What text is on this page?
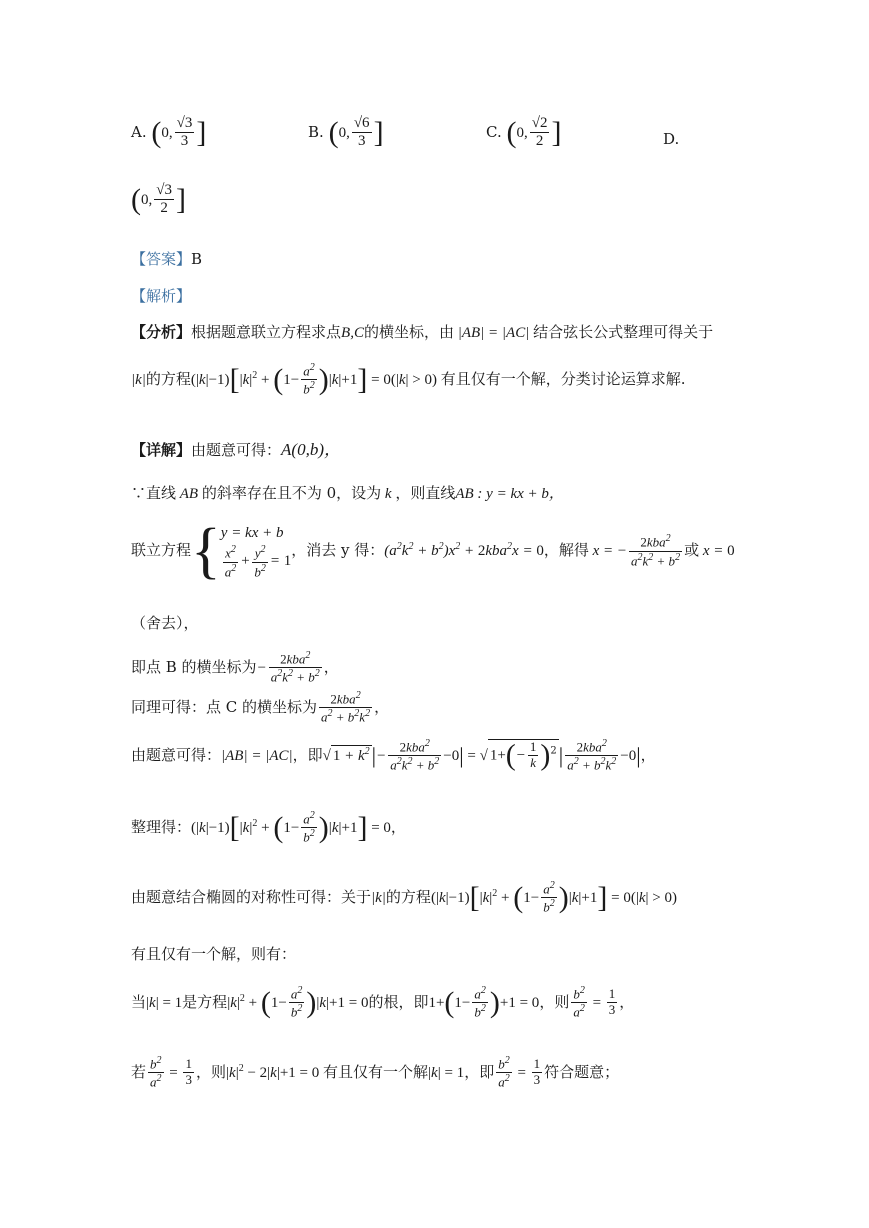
A. (0, $\frac{√3}{3}$ ]	B. (0, $\frac{√6}{3}$ ]	C. (0, $\frac{√2}{2}$ ]	D.
(0, $\frac{√3}{2}$ ]
【答案】B
【解析】
【分析】根据题意联立方程求点B,C的横坐标，由 |AB| = |AC| 结合弦长公式整理可得关于
|k|的方程$(|k|-1)[|k|^2 + (1- \frac{a^2}{b^2} )|k|+1] = 0(|k| > 0)$ 有且仅有一个解，分类讨论运算求解.
【详解】由题意可得：A(0,b)，
∵直线 AB 的斜率存在且不为 0，设为 k ，则直线AB : y = kx + b，
联立方程{ y = kx + b
$\frac{x^2}{a^2} + \frac{y^2}{b^2} = 1$
，消去 y 得：$(a^2k^2 + b^2)x^2 + 2kba^2x = 0$，解得 x = − $\frac{2kba^2}{a^2k^2 + b^2}$ 或 x = 0
（舍去），
即点 B 的横坐标为− $\frac{2kba^2}{a^2k^2 + b^2}$ ，
同理可得：点 C 的横坐标为 $\frac{2kba^2}{a^2 + b^2k^2}$ ，
由题意可得：|AB| = |AC|，即√ $1 + k^2|- \frac{2kba^2}{a^2k^2 + b^2} -0|$ = √ $1+(- \frac{1}{k} )^2| \frac{2kba^2}{a^2 + b^2k^2} -0|$，
整理得：$(|k|-1)[|k|^2 + (1- \frac{a^2}{b^2} )|k|+1] = 0$，
由题意结合椭圆的对称性可得：关于|k|的方程$(|k|-1)[|k|^2 + (1- \frac{a^2}{b^2} )|k|+1] = 0(|k| > 0)$
有且仅有一个解，则有：
当|k| = 1是方程$|k|^2 + (1- \frac{a^2}{b^2} )|k|+1 = 0$的根，即$1+(1- \frac{a^2}{b^2} )+1 = 0$，则 $\frac{b^2}{a^2} = \frac{1}{3}$ ，
若 $\frac{b^2}{a^2} = \frac{1}{3}$ ，则$|k|^2 - 2|k|+1 = 0$ 有且仅有一个解|k| = 1，即 $\frac{b^2}{a^2} = \frac{1}{3}$ 符合题意；
